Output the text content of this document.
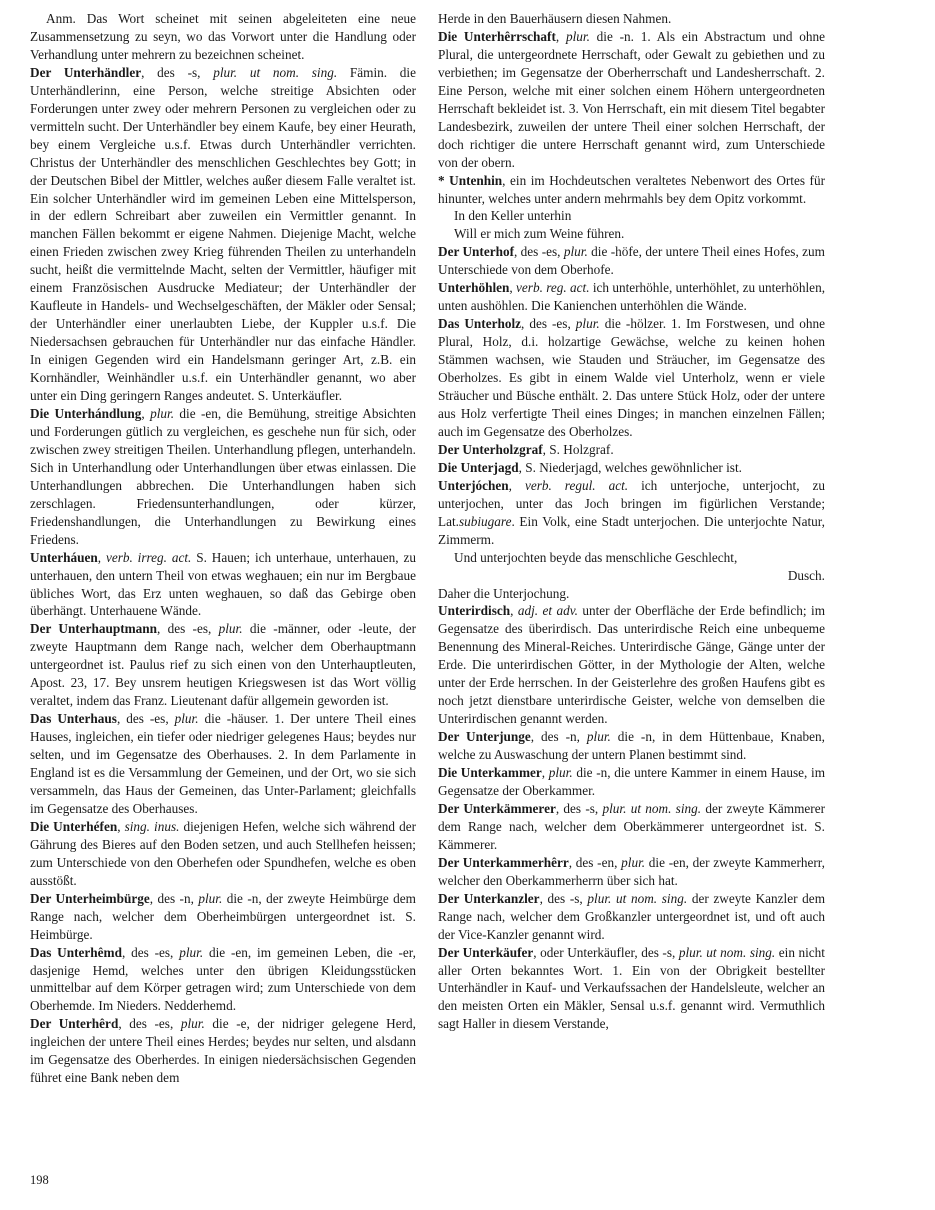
Anm. Das Wort scheinet mit seinen abgeleiteten eine neue Zusammensetzung zu seyn, wo das Vorwort unter die Handlung oder Verhandlung unter mehrern zu bezeichnen scheinet.

Der Unterhändler, des -s, plur. ut nom. sing. Fämin. die Unterhändlerinn, eine Person, welche streitige Absichten oder Forderungen unter zwey oder mehrern Personen zu vergleichen oder zu vermitteln sucht. Der Unterhändler bey einem Kaufe, bey einer Heurath, bey einem Vergleiche u.s.f. Etwas durch Unterhändler verrichten. Christus der Unterhändler des menschlichen Geschlechtes bey Gott; in der Deutschen Bibel der Mittler, welches außer diesem Falle veraltet ist. Ein solcher Unterhändler wird im gemeinen Leben eine Mittelsperson, in der edlern Schreibart aber zuweilen ein Vermittler genannt. In manchen Fällen bekommt er eigene Nahmen. Diejenige Macht, welche einen Frieden zwischen zwey Krieg führenden Theilen zu unterhandeln sucht, heißt die vermittelnde Macht, selten der Vermittler, häufiger mit einem Französischen Ausdrucke Mediateur; der Unterhändler der Kaufleute in Handels- und Wechselgeschäften, der Mäkler oder Sensal; der Unterhändler einer unerlaubten Liebe, der Kuppler u.s.f. Die Niedersachsen gebrauchen für Unterhändler nur das einfache Händler. In einigen Gegenden wird ein Handelsmann geringer Art, z.B. ein Kornhändler, Weinhändler u.s.f. ein Unterhändler genannt, wo aber unter ein Ding geringern Ranges andeutet. S. Unterkäufler.

Die Unterhándlung, plur. die -en, die Bemühung, streitige Absichten und Forderungen gütlich zu vergleichen, es geschehe nun für sich, oder zwischen zwey streitigen Theilen. Unterhandlung pflegen, unterhandeln. Sich in Unterhandlung oder Unterhandlungen über etwas einlassen. Die Unterhandlungen abbrechen. Die Unterhandlungen haben sich zerschlagen. Friedensunterhandlungen, oder kürzer, Friedenshandlungen, die Unterhandlungen zu Bewirkung eines Friedens.

Unterháuen, verb. irreg. act. S. Hauen; ich unterhaue, unterhauen, zu unterhauen, den untern Theil von etwas weghauen; ein nur im Bergbaue übliches Wort, das Erz unten weghauen, so daß das Gebirge oben überhängt. Unterhauene Wände.

Der Unterhauptmann, des -es, plur. die -männer, oder -leute, der zweyte Hauptmann dem Range nach, welcher dem Oberhauptmann untergeordnet ist. Paulus rief zu sich einen von den Unterhauptleuten, Apost. 23, 17. Bey unsrem heutigen Kriegswesen ist das Wort völlig veraltet, indem das Franz. Lieutenant dafür allgemein geworden ist.

Das Unterhaus, des -es, plur. die -häuser. 1. Der untere Theil eines Hauses, ingleichen, ein tiefer oder niedriger gelegenes Haus; beydes nur selten, und im Gegensatze des Oberhauses. 2. In dem Parlamente in England ist es die Versammlung der Gemeinen, und der Ort, wo sie sich versammeln, das Haus der Gemeinen, das Unter-Parlament; gleichfalls im Gegensatze des Oberhauses.

Die Unterhéfen, sing. inus. diejenigen Hefen, welche sich während der Gährung des Bieres auf den Boden setzen, und auch Stellhefen heissen; zum Unterschiede von den Oberhefen oder Spundhefen, welche es oben ausstößt.

Der Unterheimbürge, des -n, plur. die -n, der zweyte Heimbürge dem Range nach, welcher dem Oberheimbürgen untergeordnet ist. S. Heimbürge.

Das Unterhêmd, des -es, plur. die -en, im gemeinen Leben, die -er, dasjenige Hemd, welches unter den übrigen Kleidungsstücken unmittelbar auf dem Körper getragen wird; zum Unterschiede von dem Oberhemde. Im Nieders. Nedderhemd.

Der Unterhêrd, des -es, plur. die -e, der nidriger gelegene Herd, ingleichen der untere Theil eines Herdes; beydes nur selten, und alsdann im Gegensatze des Oberherdes. In einigen niedersächsischen Gegenden führet eine Bank neben dem

Herde in den Bauerhäusern diesen Nahmen.

Die Unterhêrrschaft, plur. die -n. 1. Als ein Abstractum und ohne Plural, die untergeordnete Herrschaft, oder Gewalt zu gebiethen und zu verbiethen; im Gegensatze der Oberherrschaft und Landesherrschaft. 2. Eine Person, welche mit einer solchen einem Höhern untergeordneten Herrschaft bekleidet ist. 3. Von Herrschaft, ein mit diesem Titel begabter Landesbezirk, zuweilen der untere Theil einer solchen Herrschaft, der doch richtiger die untere Herrschaft genannt wird, zum Unterschiede von der obern.

* Untenhin, ein im Hochdeutschen veraltetes Nebenwort des Ortes für hinunter, welches unter andern mehrmahls bey dem Opitz vorkommt.

In den Keller unterhin

Will er mich zum Weine führen.

Der Unterhof, des -es, plur. die -höfe, der untere Theil eines Hofes, zum Unterschiede von dem Oberhofe.

Unterhöhlen, verb. reg. act. ich unterhöhle, unterhöhlet, zu unterhöhlen, unten aushöhlen. Die Kanienchen unterhöhlen die Wände.

Das Unterholz, des -es, plur. die -hölzer. 1. Im Forstwesen, und ohne Plural, Holz, d.i. holzartige Gewächse, welche zu keinen hohen Stämmen wachsen, wie Stauden und Sträucher, im Gegensatze des Oberholzes. Es gibt in einem Walde viel Unterholz, wenn er viele Sträucher und Büsche enthält. 2. Das untere Stück Holz, oder der untere aus Holz verfertigte Theil eines Dinges; in manchen einzelnen Fällen; auch im Gegensatze des Oberholzes.

Der Unterholzgraf, S. Holzgraf.

Die Unterjagd, S. Niederjagd, welches gewöhnlicher ist.

Unterjóchen, verb. regul. act. ich unterjoche, unterjocht, zu unterjochen, unter das Joch bringen im figürlichen Verstande; Lat.subiugare. Ein Volk, eine Stadt unterjochen. Die unterjochte Natur, Zimmerm.

Und unterjochten beyde das menschliche Geschlecht,

Dusch.

Daher die Unterjochung.

Unterirdisch, adj. et adv. unter der Oberfläche der Erde befindlich; im Gegensatze des überirdisch. Das unterirdische Reich eine unbequeme Benennung des Mineral-Reiches. Unterirdische Gänge, Gänge unter der Erde. Die unterirdischen Götter, in der Mythologie der Alten, welche unter der Erde herrschen. In der Geisterlehre des großen Haufens gibt es noch jetzt dienstbare unterirdische Geister, welche von demselben die Unterirdischen genannt werden.

Der Unterjunge, des -n, plur. die -n, in dem Hüttenbaue, Knaben, welche zu Auswaschung der untern Planen bestimmt sind.

Die Unterkammer, plur. die -n, die untere Kammer in einem Hause, im Gegensatze der Oberkammer.

Der Unterkämmerer, des -s, plur. ut nom. sing. der zweyte Kämmerer dem Range nach, welcher dem Oberkämmerer untergeordnet ist. S. Kämmerer.

Der Unterkammerhêrr, des -en, plur. die -en, der zweyte Kammerherr, welcher den Oberkammerherrn über sich hat.

Der Unterkanzler, des -s, plur. ut nom. sing. der zweyte Kanzler dem Range nach, welcher dem Großkanzler untergeordnet ist, und oft auch der Vice-Kanzler genannt wird.

Der Unterkäufer, oder Unterkäufler, des -s, plur. ut nom. sing. ein nicht aller Orten bekanntes Wort. 1. Ein von der Obrigkeit bestellter Unterhändler in Kauf- und Verkaufssachen der Handelsleute, welcher an den meisten Orten ein Mäkler, Sensal u.s.f. genannt wird. Vermuthlich sagt Haller in diesem Verstande,

198
